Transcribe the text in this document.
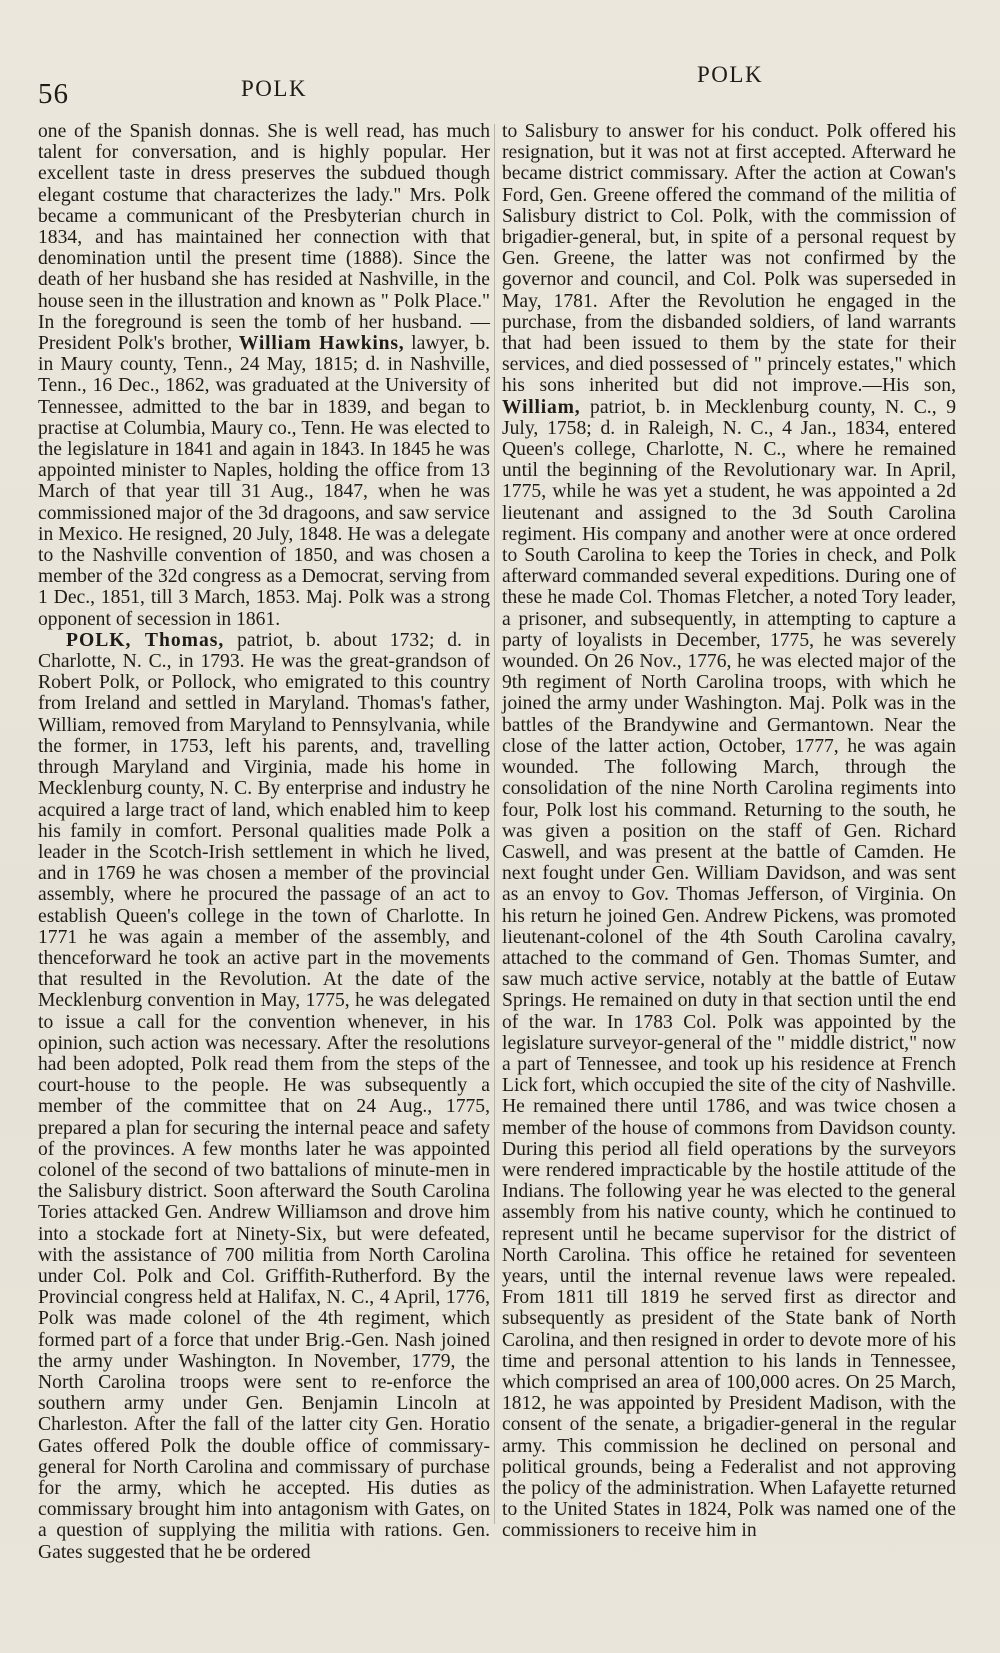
56	POLK
POLK

one of the Spanish donnas. She is well read, has much talent for conversation, and is highly popular. Her excellent taste in dress preserves the subdued though elegant costume that characterizes the lady." Mrs. Polk became a communicant of the Presbyterian church in 1834, and has maintained her connection with that denomination until the present time (1888). Since the death of her husband she has resided at Nashville, in the house seen in the illustration and known as " Polk Place." In the foreground is seen the tomb of her husband. —President Polk's brother, William Hawkins, lawyer, b. in Maury county, Tenn., 24 May, 1815; d. in Nashville, Tenn., 16 Dec., 1862, was graduated at the University of Tennessee, admitted to the bar in 1839, and began to practise at Columbia, Maury co., Tenn. He was elected to the legislature in 1841 and again in 1843. In 1845 he was appointed minister to Naples, holding the office from 13 March of that year till 31 Aug., 1847, when he was commissioned major of the 3d dragoons, and saw service in Mexico. He resigned, 20 July, 1848. He was a delegate to the Nashville convention of 1850, and was chosen a member of the 32d congress as a Democrat, serving from 1 Dec., 1851, till 3 March, 1853. Maj. Polk was a strong opponent of secession in 1861.

POLK, Thomas, patriot, b. about 1732; d. in Charlotte, N. C., in 1793. He was the great-grandson of Robert Polk, or Pollock, who emigrated to this country from Ireland and settled in Maryland. Thomas's father, William, removed from Maryland to Pennsylvania, while the former, in 1753, left his parents, and, travelling through Maryland and Virginia, made his home in Mecklenburg county, N. C. By enterprise and industry he acquired a large tract of land, which enabled him to keep his family in comfort. Personal qualities made Polk a leader in the Scotch-Irish settlement in which he lived, and in 1769 he was chosen a member of the provincial assembly, where he procured the passage of an act to establish Queen's college in the town of Charlotte. In 1771 he was again a member of the assembly, and thenceforward he took an active part in the movements that resulted in the Revolution. At the date of the Mecklenburg convention in May, 1775, he was delegated to issue a call for the convention whenever, in his opinion, such action was necessary. After the resolutions had been adopted, Polk read them from the steps of the court-house to the people. He was subsequently a member of the committee that on 24 Aug., 1775, prepared a plan for securing the internal peace and safety of the provinces. A few months later he was appointed colonel of the second of two battalions of minute-men in the Salisbury district. Soon afterward the South Carolina Tories attacked Gen. Andrew Williamson and drove him into a stockade fort at Ninety-Six, but were defeated, with the assistance of 700 militia from North Carolina under Col. Polk and Col. Griffith-Rutherford. By the Provincial congress held at Halifax, N. C., 4 April, 1776, Polk was made colonel of the 4th regiment, which formed part of a force that under Brig.-Gen. Nash joined the army under Washington. In November, 1779, the North Carolina troops were sent to re-enforce the southern army under Gen. Benjamin Lincoln at Charleston. After the fall of the latter city Gen. Horatio Gates offered Polk the double office of commissary-general for North Carolina and commissary of purchase for the army, which he accepted. His duties as commissary brought him into antagonism with Gates, on a question of supplying the militia with rations. Gen. Gates suggested that he be ordered

to Salisbury to answer for his conduct. Polk offered his resignation, but it was not at first accepted. Afterward he became district commissary. After the action at Cowan's Ford, Gen. Greene offered the command of the militia of Salisbury district to Col. Polk, with the commission of brigadier-general, but, in spite of a personal request by Gen. Greene, the latter was not confirmed by the governor and council, and Col. Polk was superseded in May, 1781. After the Revolution he engaged in the purchase, from the disbanded soldiers, of land warrants that had been issued to them by the state for their services, and died possessed of " princely estates," which his sons inherited but did not improve.—His son, William, patriot, b. in Mecklenburg county, N. C., 9 July, 1758; d. in Raleigh, N. C., 4 Jan., 1834, entered Queen's college, Charlotte, N. C., where he remained until the beginning of the Revolutionary war. In April, 1775, while he was yet a student, he was appointed a 2d lieutenant and assigned to the 3d South Carolina regiment. His company and another were at once ordered to South Carolina to keep the Tories in check, and Polk afterward commanded several expeditions. During one of these he made Col. Thomas Fletcher, a noted Tory leader, a prisoner, and subsequently, in attempting to capture a party of loyalists in December, 1775, he was severely wounded. On 26 Nov., 1776, he was elected major of the 9th regiment of North Carolina troops, with which he joined the army under Washington. Maj. Polk was in the battles of the Brandywine and Germantown. Near the close of the latter action, October, 1777, he was again wounded. The following March, through the consolidation of the nine North Carolina regiments into four, Polk lost his command. Returning to the south, he was given a position on the staff of Gen. Richard Caswell, and was present at the battle of Camden. He next fought under Gen. William Davidson, and was sent as an envoy to Gov. Thomas Jefferson, of Virginia. On his return he joined Gen. Andrew Pickens, was promoted lieutenant-colonel of the 4th South Carolina cavalry, attached to the command of Gen. Thomas Sumter, and saw much active service, notably at the battle of Eutaw Springs. He remained on duty in that section until the end of the war. In 1783 Col. Polk was appointed by the legislature surveyor-general of the " middle district," now a part of Tennessee, and took up his residence at French Lick fort, which occupied the site of the city of Nashville. He remained there until 1786, and was twice chosen a member of the house of commons from Davidson county. During this period all field operations by the surveyors were rendered impracticable by the hostile attitude of the Indians. The following year he was elected to the general assembly from his native county, which he continued to represent until he became supervisor for the district of North Carolina. This office he retained for seventeen years, until the internal revenue laws were repealed. From 1811 till 1819 he served first as director and subsequently as president of the State bank of North Carolina, and then resigned in order to devote more of his time and personal attention to his lands in Tennessee, which comprised an area of 100,000 acres. On 25 March, 1812, he was appointed by President Madison, with the consent of the senate, a brigadier-general in the regular army. This commission he declined on personal and political grounds, being a Federalist and not approving the policy of the administration. When Lafayette returned to the United States in 1824, Polk was named one of the commissioners to receive him in
